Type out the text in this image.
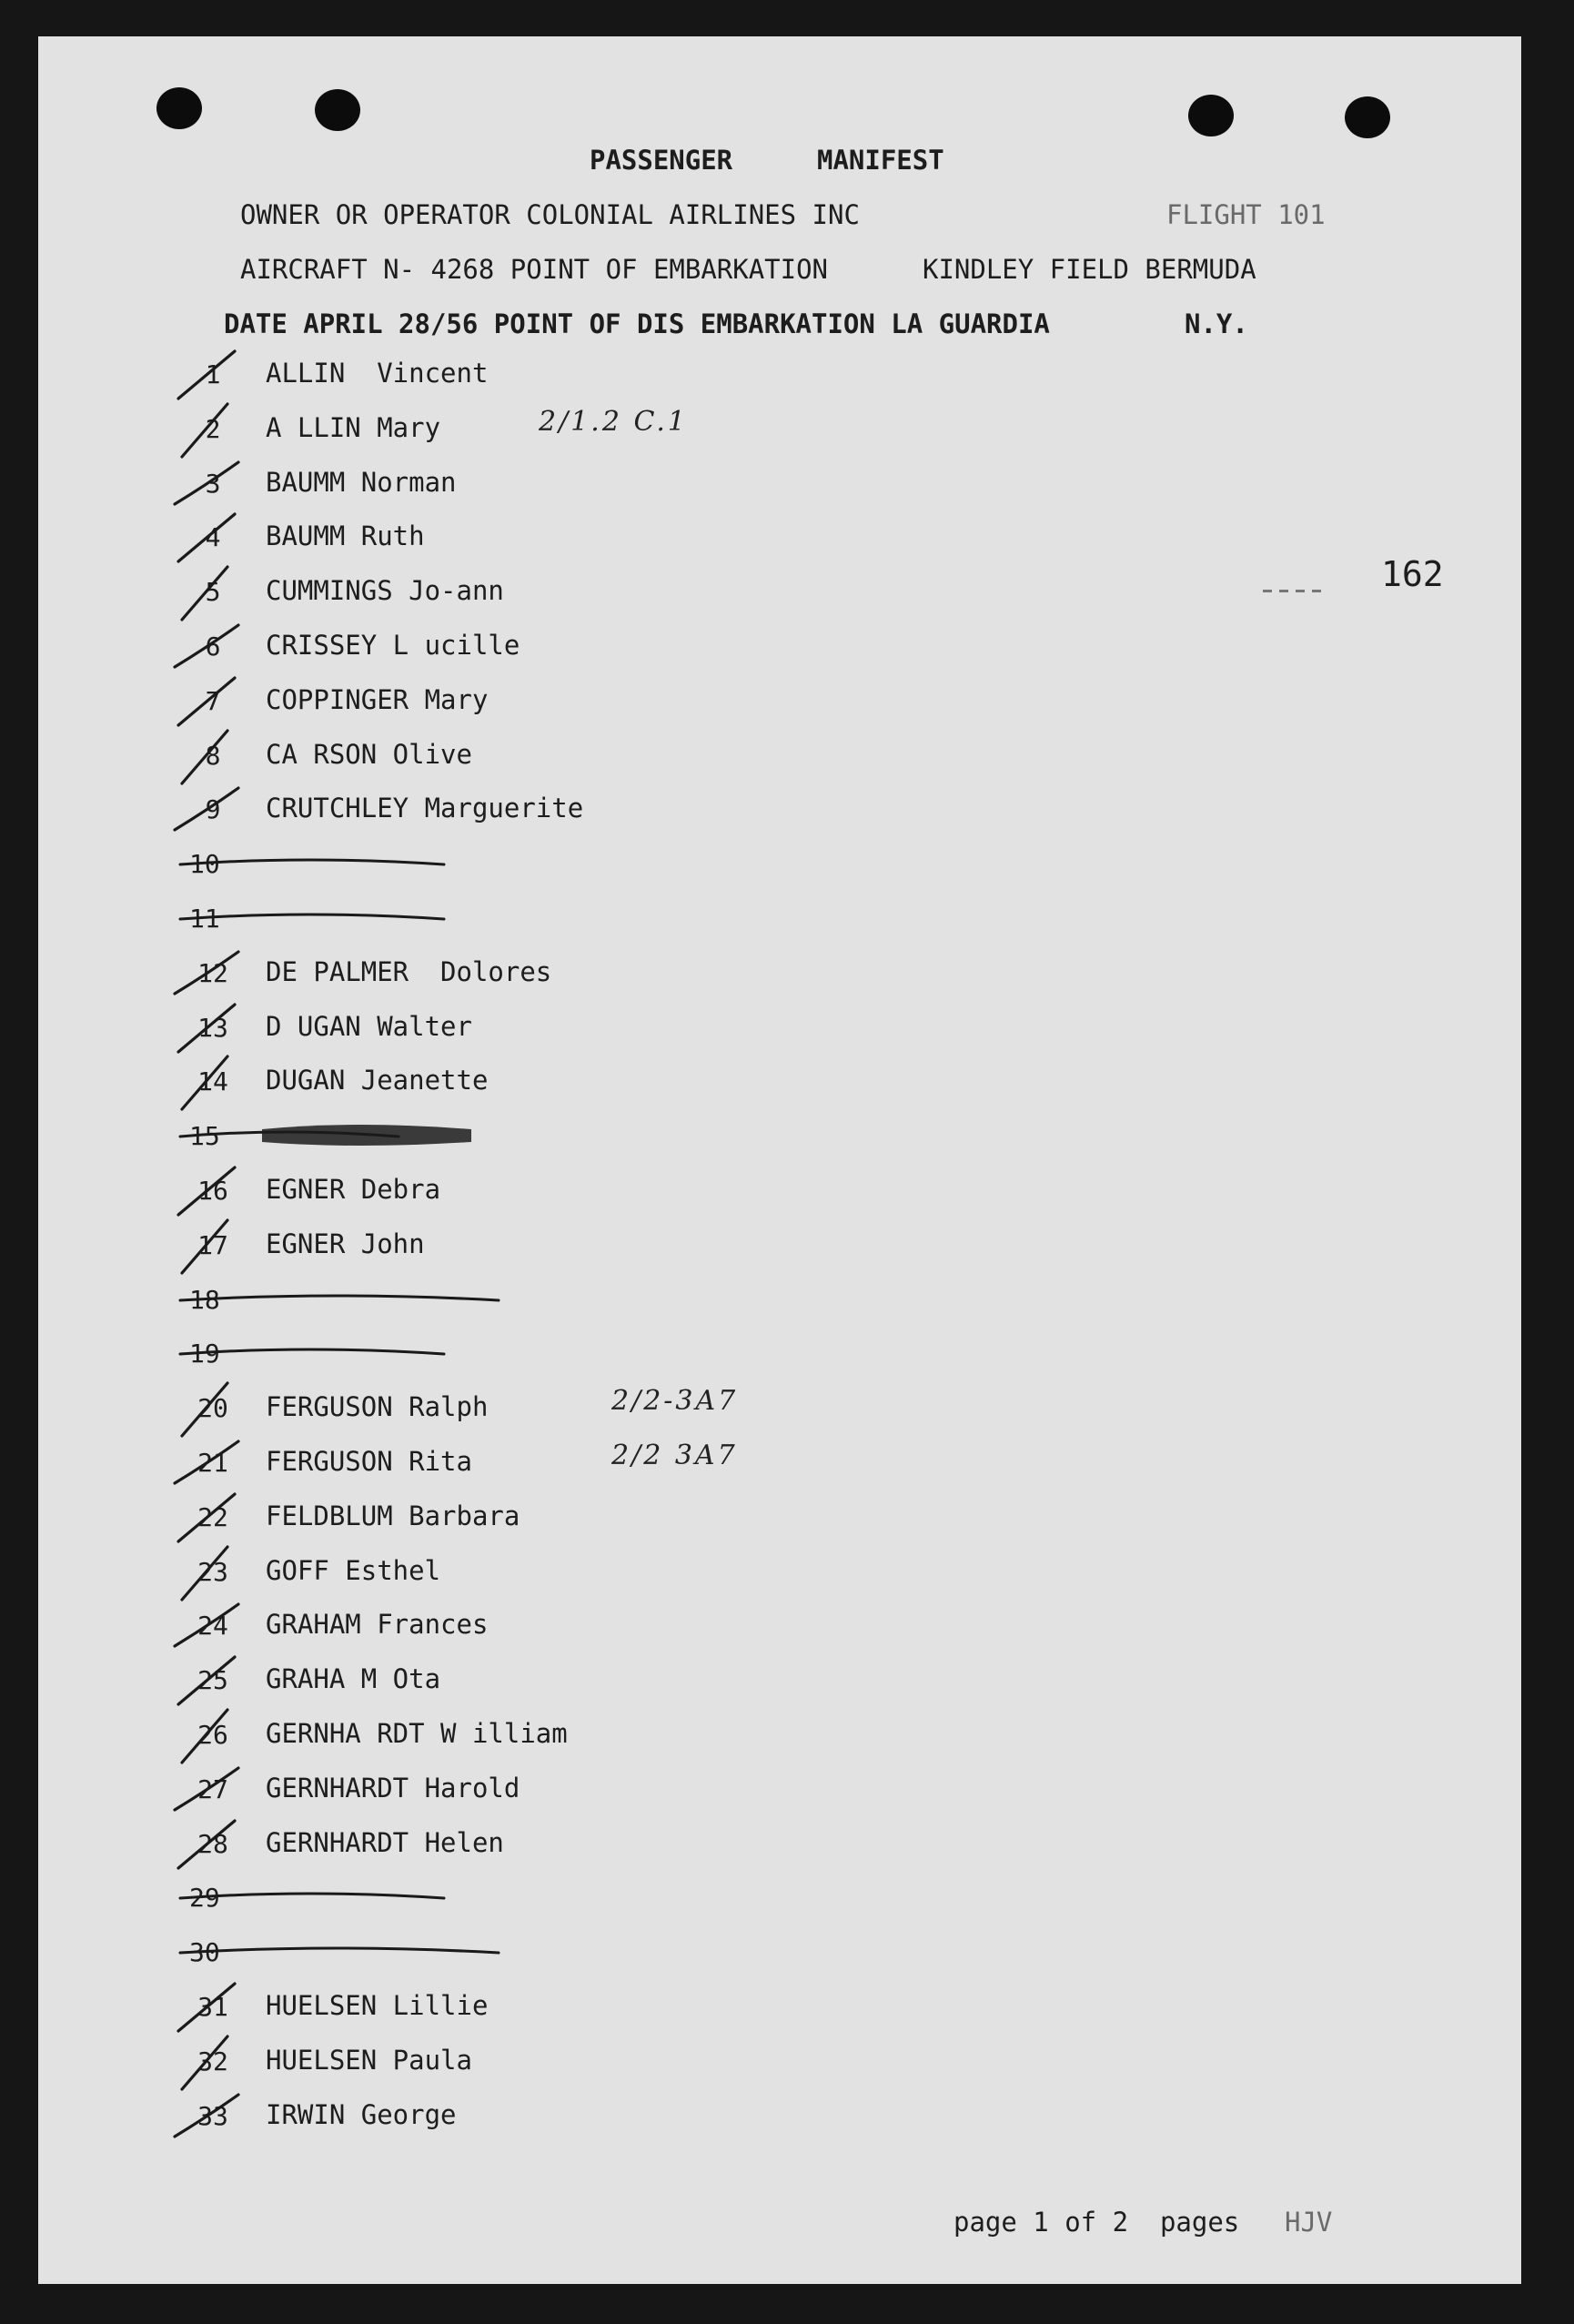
PASSENGER	MANIFEST
OWNER OR OPERATOR COLONIAL AIRLINES INC	FLIGHT 101
AIRCRAFT N- 4268 POINT OF EMBARKATION	KINDLEY FIELD BERMUDA
DATE APRIL 28/56 POINT OF DIS EMBARKATION LA GUARDIA	N.Y.
162
1	ALLIN  Vincent
2	A LLIN Mary	2/1.2 C.1
3	BAUMM Norman
4	BAUMM Ruth
5	CUMMINGS Jo-ann
6	CRISSEY L ucille
7	COPPINGER Mary
8	CA RSON Olive
9	CRUTCHLEY Marguerite
10
11
12	DE PALMER  Dolores
13	D UGAN Walter
14	DUGAN Jeanette
15
16	EGNER Debra
17	EGNER John
18
19
20	FERGUSON Ralph	2/2-3A7
21	FERGUSON Rita	2/2 3A7
22	FELDBLUM Barbara
23	GOFF Esthel
24	GRAHAM Frances
25	GRAHA M Ota
26	GERNHA RDT W illiam
27	GERNHARDT Harold
28	GERNHARDT Helen
29
30
31	HUELSEN Lillie
32	HUELSEN Paula
33	IRWIN George
page 1 of 2  pages HJV
